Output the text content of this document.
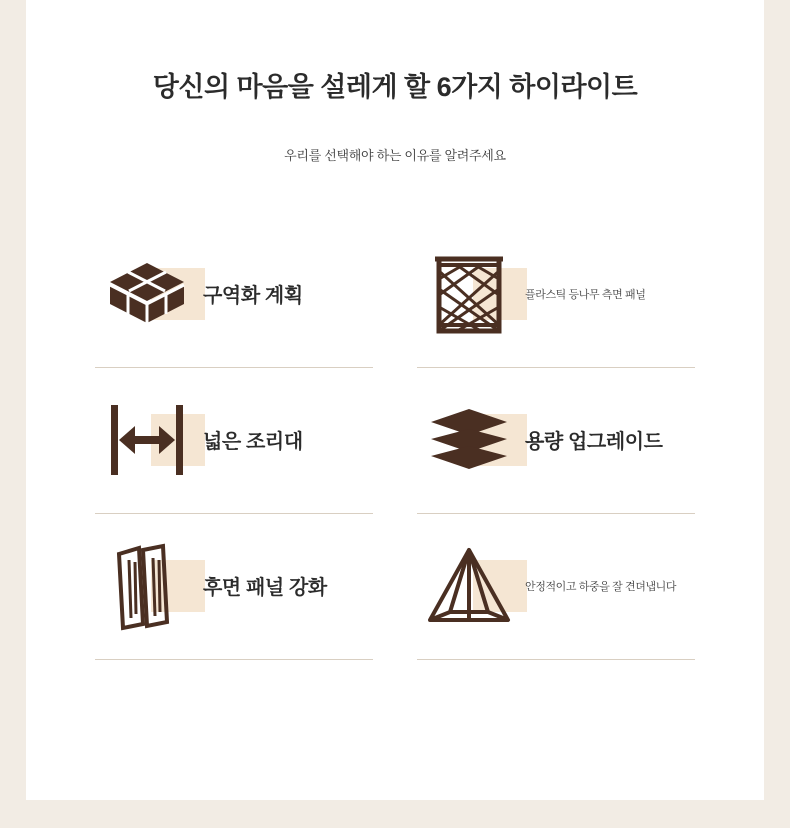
당신의 마음을 설레게 할 6가지 하이라이트
우리를 선택해야 하는 이유를 알려주세요
구역화 계획	플라스틱 등나무 측면 패널
넓은 조리대	용량 업그레이드
후면 패널 강화	안정적이고 하중을 잘 견뎌냅니다
